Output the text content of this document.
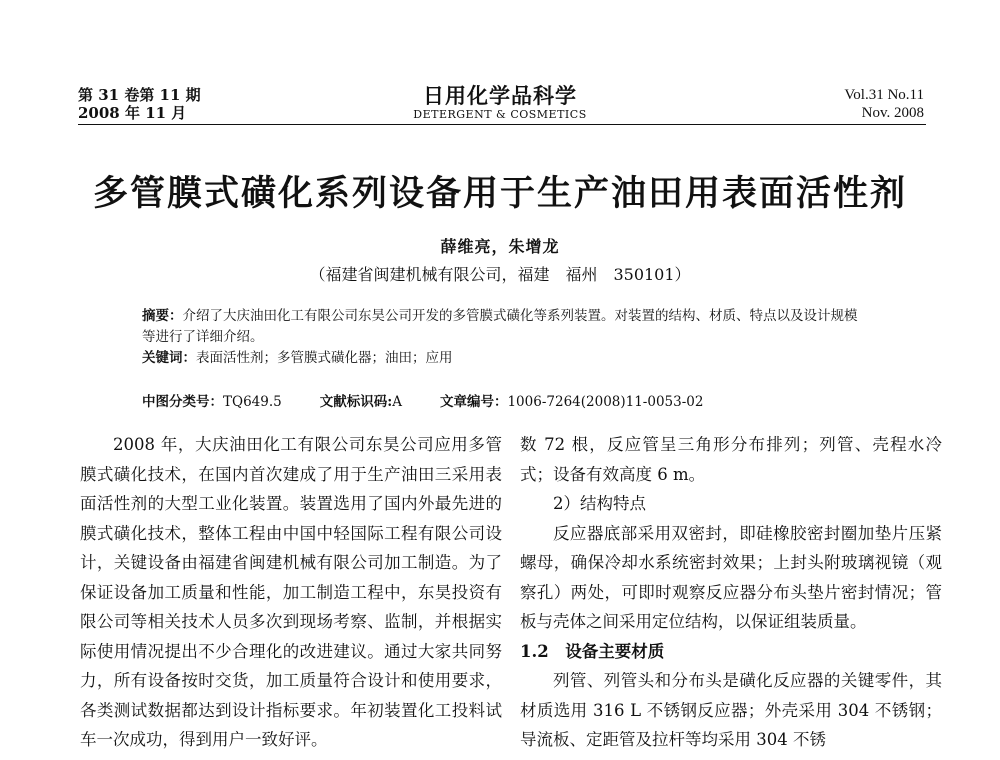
第 31 卷第 11 期
2008 年 11 月
日用化学品科学
DETERGENT & COSMETICS
Vol.31 No.11
Nov. 2008
多管膜式磺化系列设备用于生产油田用表面活性剂
薛维亮，朱增龙
（福建省闽建机械有限公司，福建　福州　350101）
摘要：介绍了大庆油田化工有限公司东昊公司开发的多管膜式磺化等系列装置。对装置的结构、材质、特点以及设计规模等进行了详细介绍。
关键词：表面活性剂；多管膜式磺化器；油田；应用
中图分类号：TQ649.5	文献标识码:A	文章编号：1006-7264(2008)11-0053-02

2008 年，大庆油田化工有限公司东昊公司应用多管膜式磺化技术，在国内首次建成了用于生产油田三采用表面活性剂的大型工业化装置。装置选用了国内外最先进的膜式磺化技术，整体工程由中国中轻国际工程有限公司设计，关键设备由福建省闽建机械有限公司加工制造。为了保证设备加工质量和性能，加工制造工程中，东昊投资有限公司等相关技术人员多次到现场考察、监制，并根据实际使用情况提出不少合理化的改进建议。通过大家共同努力，所有设备按时交货，加工质量符合设计和使用要求，各类测试数据都达到设计指标要求。年初装置化工投料试车一次成功，得到用户一致好评。

数 72 根，反应管呈三角形分布排列；列管、壳程水冷式；设备有效高度 6 m。

2）结构特点

反应器底部采用双密封，即硅橡胶密封圈加垫片压紧螺母，确保冷却水系统密封效果；上封头附玻璃视镜（观察孔）两处，可即时观察反应器分布头垫片密封情况；管板与壳体之间采用定位结构，以保证组装质量。

1.2　设备主要材质

列管、列管头和分布头是磺化反应器的关键零件，其材质选用 316 L 不锈钢反应器；外壳采用 304 不锈钢；导流板、定距管及拉杆等均采用 304 不锈
